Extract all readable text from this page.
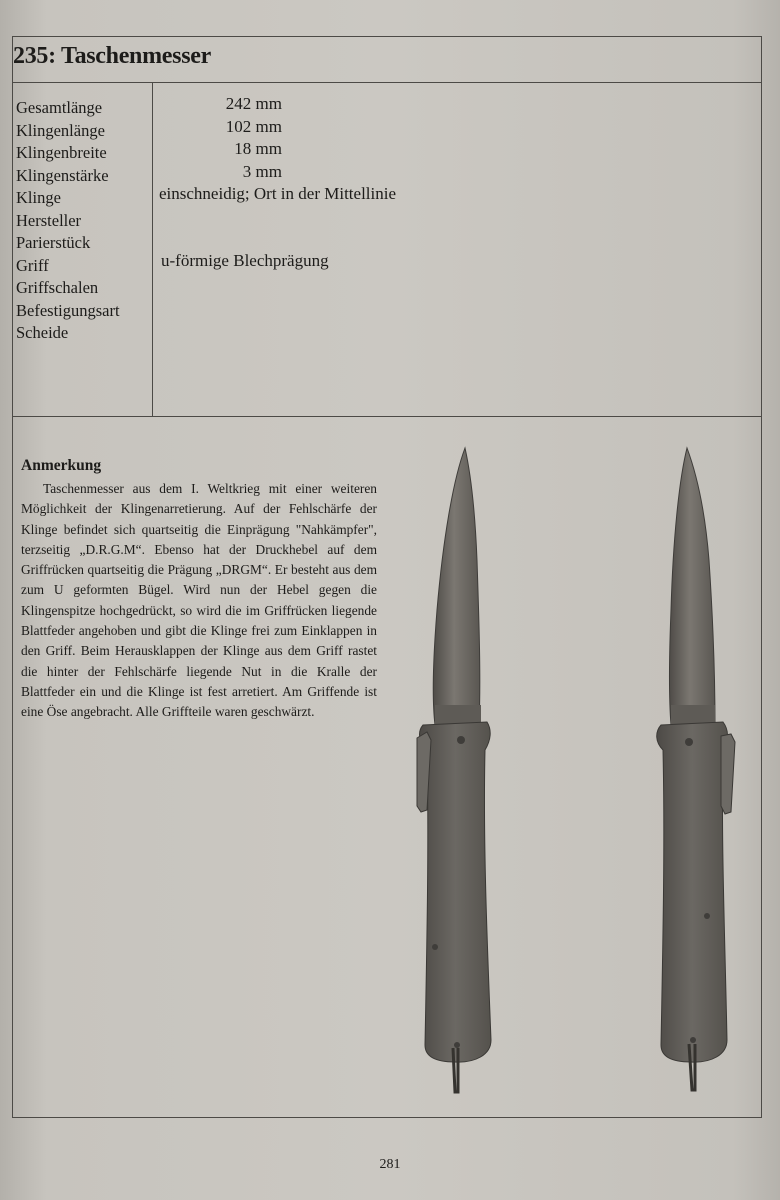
235: Taschenmesser
Gesamtlänge
Klingenlänge
Klingenbreite
Klingenstärke
Klinge
Hersteller
Parierstück
Griff
Griffschalen
Befestigungsart
Scheide
242 mm
102 mm
18 mm
3 mm
einschneidig; Ort in der Mittellinie
u-förmige Blechprägung
Anmerkung
Taschenmesser aus dem I. Weltkrieg mit einer weiteren Möglichkeit der Klingenarretierung. Auf der Fehlschärfe der Klinge befindet sich quartseitig die Einprägung "Nahkämpfer", terzseitig „D.R.G.M“. Ebenso hat der Druckhebel auf dem Griffrücken quartseitig die Prägung „DRGM“. Er besteht aus dem zum U geformten Bügel. Wird nun der Hebel gegen die Klingenspitze hochgedrückt, so wird die im Griffrücken liegende Blattfeder angehoben und gibt die Klinge frei zum Einklappen in den Griff. Beim Herausklappen der Klinge aus dem Griff rastet die hinter der Fehlschärfe liegende Nut in die Kralle der Blattfeder ein und die Klinge ist fest arretiert. Am Griffende ist eine Öse angebracht. Alle Griffteile waren geschwärzt.
281
